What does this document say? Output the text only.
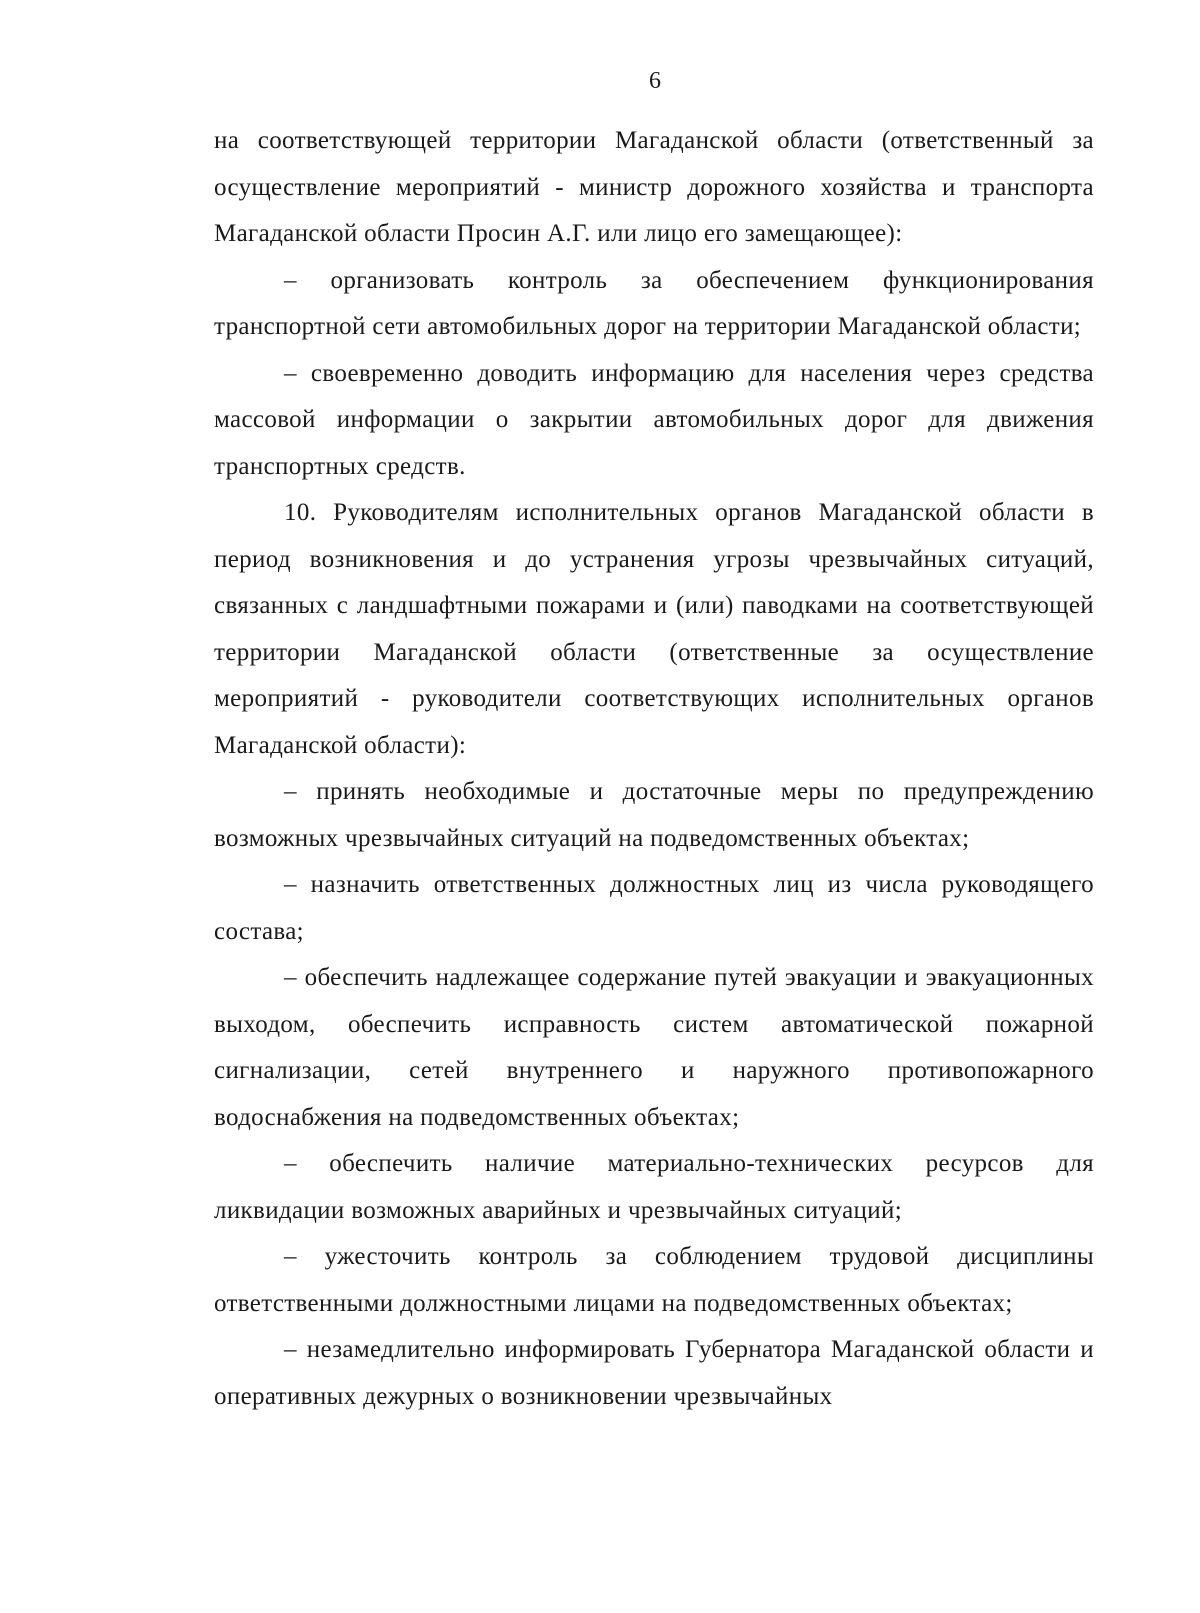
6

на соответствующей территории Магаданской области (ответственный за осуществление мероприятий - министр дорожного хозяйства и транспорта Магаданской области Просин А.Г. или лицо его замещающее):

– организовать контроль за обеспечением функционирования транспортной сети автомобильных дорог на территории Магаданской области;

– своевременно доводить информацию для населения через средства массовой информации о закрытии автомобильных дорог для движения транспортных средств.

10. Руководителям исполнительных органов Магаданской области в период возникновения и до устранения угрозы чрезвычайных ситуаций, связанных с ландшафтными пожарами и (или) паводками на соответствующей территории Магаданской области (ответственные за осуществление мероприятий - руководители соответствующих исполнительных органов Магаданской области):

– принять необходимые и достаточные меры по предупреждению возможных чрезвычайных ситуаций на подведомственных объектах;

– назначить ответственных должностных лиц из числа руководящего состава;

– обеспечить надлежащее содержание путей эвакуации и эвакуационных выходом, обеспечить исправность систем автоматической пожарной сигнализации, сетей внутреннего и наружного противопожарного водоснабжения на подведомственных объектах;

– обеспечить наличие материально-технических ресурсов для ликвидации возможных аварийных и чрезвычайных ситуаций;

– ужесточить контроль за соблюдением трудовой дисциплины ответственными должностными лицами на подведомственных объектах;

– незамедлительно информировать Губернатора Магаданской области и оперативных дежурных о возникновении чрезвычайных
